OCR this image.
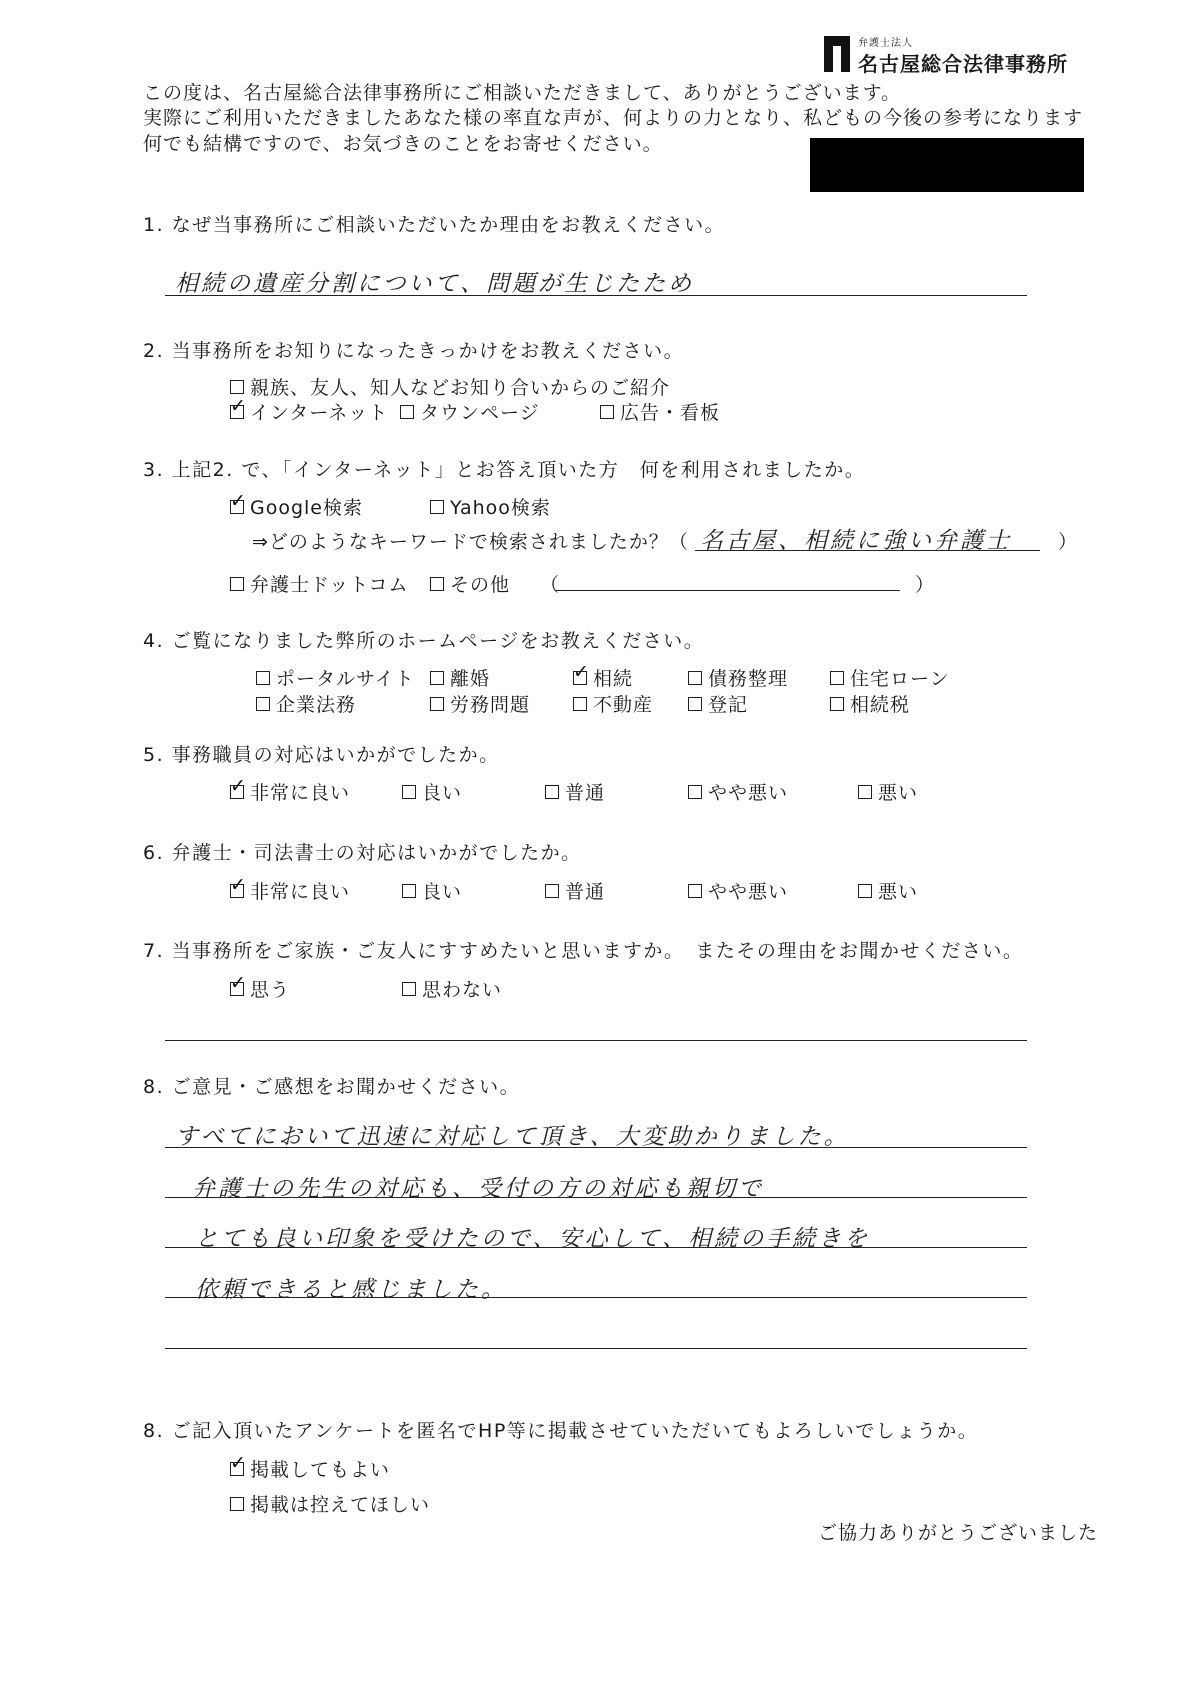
弁護士法人
名古屋総合法律事務所
この度は、名古屋総合法律事務所にご相談いただきまして、ありがとうございます。
実際にご利用いただきましたあなた様の率直な声が、何よりの力となり、私どもの今後の参考になります
何でも結構ですので、お気づきのことをお寄せください。
1. なぜ当事務所にご相談いただいたか理由をお教えください。
相続の遺産分割について、問題が生じたため
2. 当事務所をお知りになったきっかけをお教えください。
親族、友人、知人などお知り合いからのご紹介
✓ インターネット タウンページ	広告・看板
3. 上記2. で、「インターネット」とお答え頂いた方　何を利用されましたか。
✓ Google検索	Yahoo検索
⇒どのようなキーワードで検索されましたか？（ 名古屋、相続に強い弁護士 ）
弁護士ドットコム その他 （	）
4. ご覧になりました弊所のホームページをお教えください。
ポータルサイト 離婚	✓ 相続	債務整理	住宅ローン
企業法務	労務問題	不動産	登記	相続税
5. 事務職員の対応はいかがでしたか。
✓ 非常に良い	良い	普通	やや悪い	悪い
6. 弁護士・司法書士の対応はいかがでしたか。
✓ 非常に良い	良い	普通	やや悪い	悪い
7. 当事務所をご家族・ご友人にすすめたいと思いますか。　またその理由をお聞かせください。
✓ 思う	思わない
8. ご意見・ご感想をお聞かせください。
すべてにおいて迅速に対応して頂き、大変助かりました。
弁護士の先生の対応も、受付の方の対応も親切で
とても良い印象を受けたので、安心して、相続の手続きを
依頼できると感じました。
8. ご記入頂いたアンケートを匿名でHP等に掲載させていただいてもよろしいでしょうか。
✓ 掲載してもよい
掲載は控えてほしい
ご協力ありがとうございました
